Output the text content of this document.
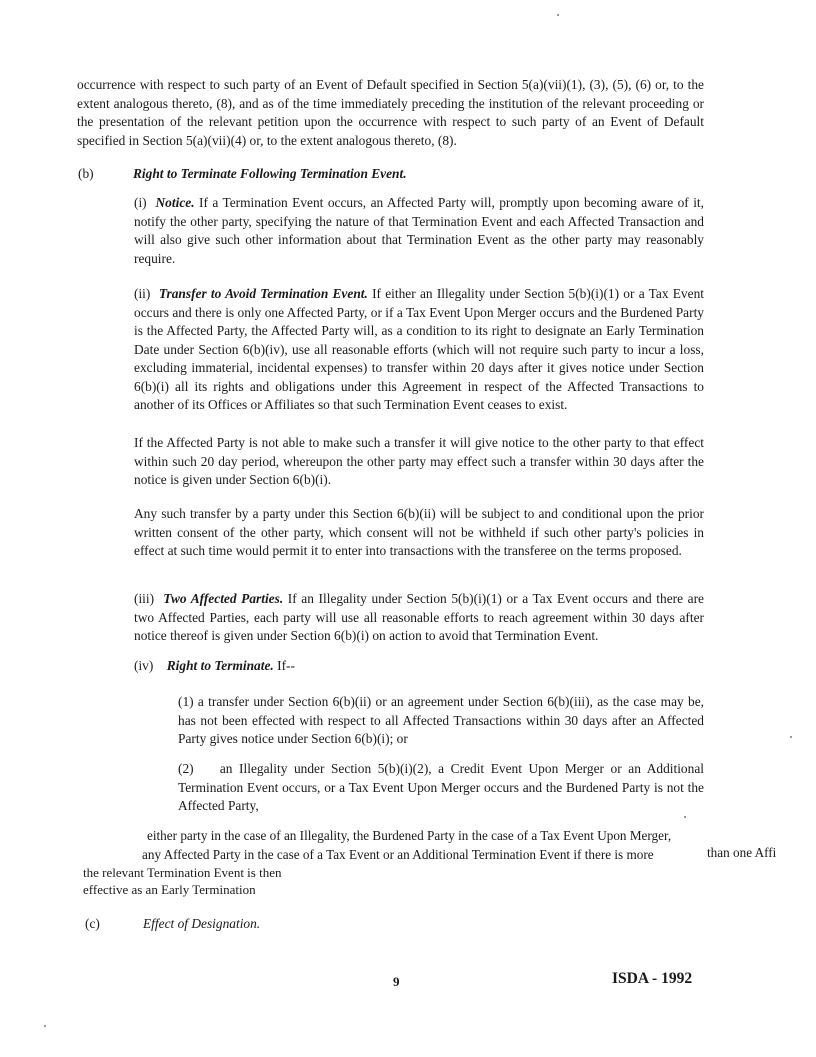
occurrence with respect to such party of an Event of Default specified in Section 5(a)(vii)(1), (3), (5), (6) or, to the extent analogous thereto, (8), and as of the time immediately preceding the institution of the relevant proceeding or the presentation of the relevant petition upon the occurrence with respect to such party of an Event of Default specified in Section 5(a)(vii)(4) or, to the extent analogous thereto, (8).

(b)	Right to Terminate Following Termination Event.

(i) Notice. If a Termination Event occurs, an Affected Party will, promptly upon becoming aware of it, notify the other party, specifying the nature of that Termination Event and each Affected Transaction and will also give such other information about that Termination Event as the other party may reasonably require.

(ii) Transfer to Avoid Termination Event. If either an Illegality under Section 5(b)(i)(1) or a Tax Event occurs and there is only one Affected Party, or if a Tax Event Upon Merger occurs and the Burdened Party is the Affected Party, the Affected Party will, as a condition to its right to designate an Early Termination Date under Section 6(b)(iv), use all reasonable efforts (which will not require such party to incur a loss, excluding immaterial, incidental expenses) to transfer within 20 days after it gives notice under Section 6(b)(i) all its rights and obligations under this Agreement in respect of the Affected Transactions to another of its Offices or Affiliates so that such Termination Event ceases to exist.

If the Affected Party is not able to make such a transfer it will give notice to the other party to that effect within such 20 day period, whereupon the other party may effect such a transfer within 30 days after the notice is given under Section 6(b)(i).

Any such transfer by a party under this Section 6(b)(ii) will be subject to and conditional upon the prior written consent of the other party, which consent will not be withheld if such other party's policies in effect at such time would permit it to enter into transactions with the transferee on the terms proposed.

(iii) Two Affected Parties. If an Illegality under Section 5(b)(i)(1) or a Tax Event occurs and there are two Affected Parties, each party will use all reasonable efforts to reach agreement within 30 days after notice thereof is given under Section 6(b)(i) on action to avoid that Termination Event.

(iv) Right to Terminate. If--

(1) a transfer under Section 6(b)(ii) or an agreement under Section 6(b)(iii), as the case may be, has not been effected with respect to all Affected Transactions within 30 days after an Affected Party gives notice under Section 6(b)(i); or

(2)    an Illegality under Section 5(b)(i)(2), a Credit Event Upon Merger or an Additional Termination Event occurs, or a Tax Event Upon Merger occurs and the Burdened Party is not the Affected Party,

either party in the case of an Illegality, the Burdened Party in the case of a Tax Event Upon Merger,

any Affected Party in the case of a Tax Event or an Additional Termination Event if there is more	than one Affi

the relevant Termination Event is then

effective as an Early Termination

(c)	Effect of Designation.
9	ISDA - 1992
